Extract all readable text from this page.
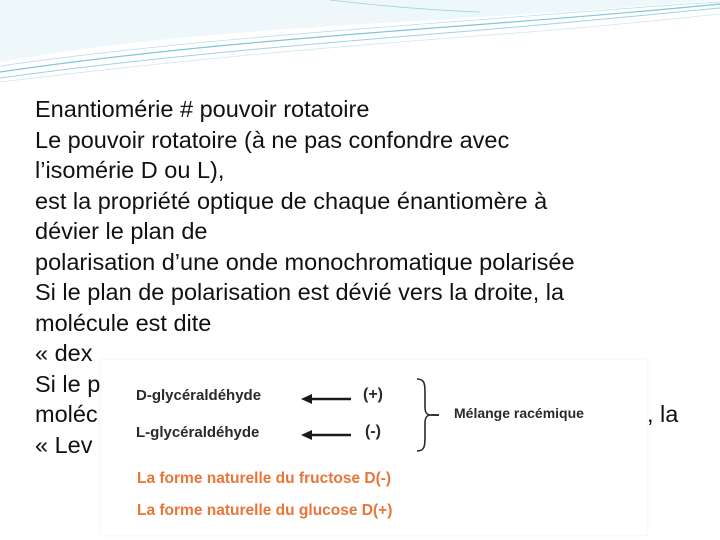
Enantiomérie # pouvoir rotatoire
Le pouvoir rotatoire (à ne pas confondre avec
l’isomérie D ou L),
est la propriété optique de chaque énantiomère à
dévier le plan de
polarisation d’une onde monochromatique polarisée
Si le plan de polarisation est dévié vers la droite, la
molécule est dite
« dex
Si le p
moléc
« Lev
, la
D-glycéraldéhyde	(+)
L-glycéraldéhyde	(-)
Mélange racémique
La forme naturelle du fructose D(-)
La forme naturelle du glucose D(+)
